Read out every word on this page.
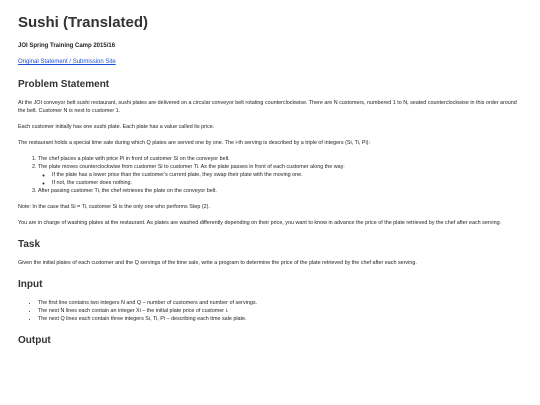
Sushi (Translated)
JOI Spring Training Camp 2015/16
Original Statement / Submission Site
Problem Statement

At the JOI conveyor belt sushi restaurant, sushi plates are delivered on a circular conveyor belt rotating counterclockwise. There are N customers, numbered 1 to N, seated counterclockwise in this order around the belt. Customer N is next to customer 1.

Each customer initially has one sushi plate. Each plate has a value called its price.

The restaurant holds a special time sale during which Q plates are served one by one. The i-th serving is described by a triple of integers (Si, Ti, Pi):

1. The chef places a plate with price Pi in front of customer Si on the conveyor belt.
2. The plate moves counterclockwise from customer Si to customer Ti. As the plate passes in front of each customer along the way:
◦ If the plate has a lower price than the customer's current plate, they swap their plate with the moving one.
◦ If not, the customer does nothing.
3. After passing customer Ti, the chef retrieves the plate on the conveyor belt.

Note: In the case that Si = Ti, customer Si is the only one who performs Step (2).

You are in charge of washing plates at the restaurant. As plates are washed differently depending on their price, you want to know in advance the price of the plate retrieved by the chef after each serving.

Task

Given the initial plates of each customer and the Q servings of the time sale, write a program to determine the price of the plate retrieved by the chef after each serving.

Input
• The first line contains two integers N and Q – number of customers and number of servings.
• The next N lines each contain an integer Xi – the initial plate price of customer i.
• The next Q lines each contain three integers Si, Ti, Pi – describing each time sale plate.
Output
